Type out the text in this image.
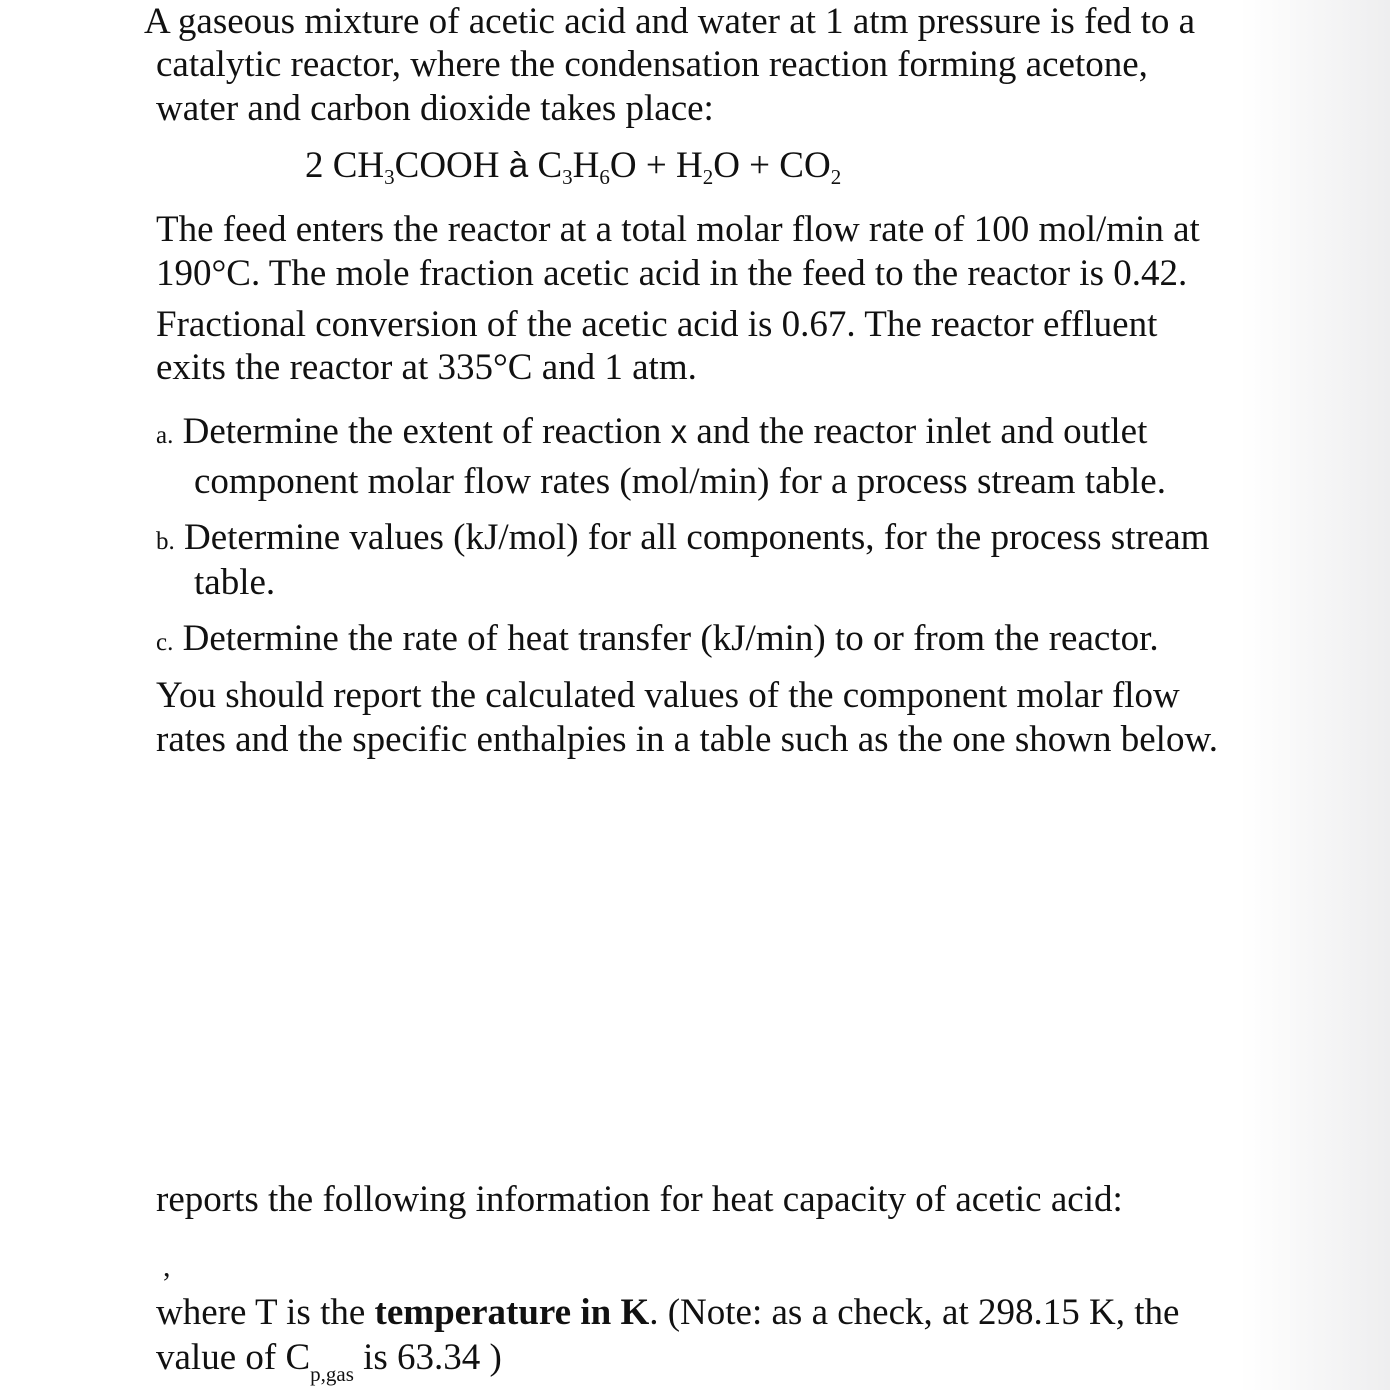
A gaseous mixture of acetic acid and water at 1 atm pressure is fed to a
catalytic reactor, where the condensation reaction forming acetone,
water and carbon dioxide takes place:
2 $CH_3COOH$ à $C_3H_6O + H_2O + CO_2$
The feed enters the reactor at a total molar flow rate of 100 mol/min at
190°C. The mole fraction acetic acid in the feed to the reactor is 0.42.
Fractional conversion of the acetic acid is 0.67. The reactor effluent
exits the reactor at 335°C and 1 atm.
a. Determine the extent of reaction x and the reactor inlet and outlet
component molar flow rates (mol/min) for a process stream table.
b. Determine values (kJ/mol) for all components, for the process stream
table.
c. Determine the rate of heat transfer (kJ/min) to or from the reactor.
You should report the calculated values of the component molar flow
rates and the specific enthalpies in a table such as the one shown below.
reports the following information for heat capacity of acetic acid:
,
where T is the temperature in K. (Note: as a check, at 298.15 K, the
value of $C_{p,gas}$ is 63.34 )
